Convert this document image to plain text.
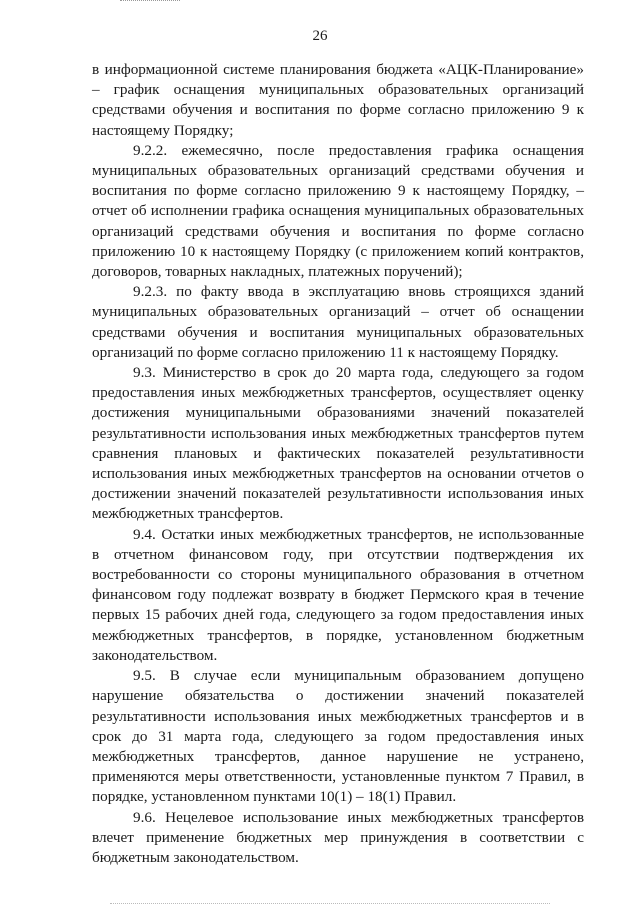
26

в информационной системе планирования бюджета «АЦК-Планирование» – график оснащения муниципальных образовательных организаций средствами обучения и воспитания по форме согласно приложению 9 к настоящему Порядку;

9.2.2. ежемесячно, после предоставления графика оснащения муниципальных образовательных организаций средствами обучения и воспитания по форме согласно приложению 9 к настоящему Порядку, – отчет об исполнении графика оснащения муниципальных образовательных организаций средствами обучения и воспитания по форме согласно приложению 10 к настоящему Порядку (с приложением копий контрактов, договоров, товарных накладных, платежных поручений);

9.2.3. по факту ввода в эксплуатацию вновь строящихся зданий муниципальных образовательных организаций – отчет об оснащении средствами обучения и воспитания муниципальных образовательных организаций по форме согласно приложению 11 к настоящему Порядку.

9.3. Министерство в срок до 20 марта года, следующего за годом предоставления иных межбюджетных трансфертов, осуществляет оценку достижения муниципальными образованиями значений показателей результативности использования иных межбюджетных трансфертов путем сравнения плановых и фактических показателей результативности использования иных межбюджетных трансфертов на основании отчетов о достижении значений показателей результативности использования иных межбюджетных трансфертов.

9.4. Остатки иных межбюджетных трансфертов, не использованные в отчетном финансовом году, при отсутствии подтверждения их востребованности со стороны муниципального образования в отчетном финансовом году подлежат возврату в бюджет Пермского края в течение первых 15 рабочих дней года, следующего за годом предоставления иных межбюджетных трансфертов, в порядке, установленном бюджетным законодательством.

9.5. В случае если муниципальным образованием допущено нарушение обязательства о достижении значений показателей результативности использования иных межбюджетных трансфертов и в срок до 31 марта года, следующего за годом предоставления иных межбюджетных трансфертов, данное нарушение не устранено, применяются меры ответственности, установленные пунктом 7 Правил, в порядке, установленном пунктами 10(1) – 18(1) Правил.

9.6. Нецелевое использование иных межбюджетных трансфертов влечет применение бюджетных мер принуждения в соответствии с бюджетным законодательством.
